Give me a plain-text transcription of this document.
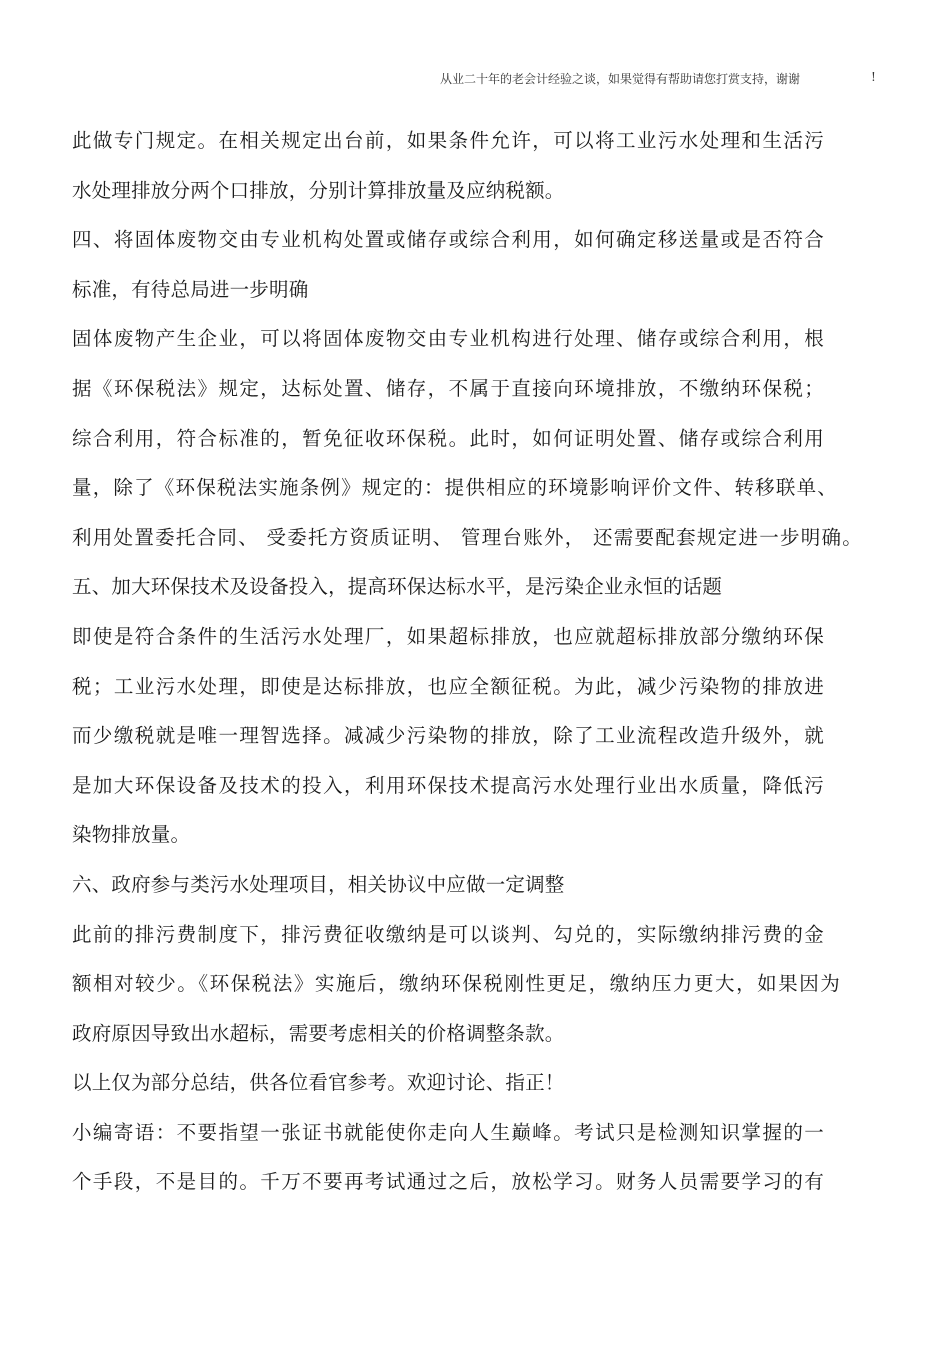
从业二十年的老会计经验之谈，如果觉得有帮助请您打赏支持，谢谢	!
此做专门规定。在相关规定出台前，如果条件允许，可以将工业污水处理和生活污
水处理排放分两个口排放，分别计算排放量及应纳税额。
四、将固体废物交由专业机构处置或储存或综合利用，如何确定移送量或是否符合
标准，有待总局进一步明确
固体废物产生企业，可以将固体废物交由专业机构进行处理、储存或综合利用，根
据《环保税法》规定，达标处置、储存，不属于直接向环境排放，不缴纳环保税；
综合利用，符合标准的，暂免征收环保税。此时，如何证明处置、储存或综合利用
量，除了《环保税法实施条例》规定的：提供相应的环境影响评价文件、转移联单、
利用处置委托合同、 受委托方资质证明、 管理台账外， 还需要配套规定进一步明确。
五、加大环保技术及设备投入，提高环保达标水平，是污染企业永恒的话题
即使是符合条件的生活污水处理厂，如果超标排放，也应就超标排放部分缴纳环保
税；工业污水处理，即使是达标排放，也应全额征税。为此，减少污染物的排放进
而少缴税就是唯一理智选择。减减少污染物的排放，除了工业流程改造升级外，就
是加大环保设备及技术的投入，利用环保技术提高污水处理行业出水质量，降低污
染物排放量。
六、政府参与类污水处理项目，相关协议中应做一定调整
此前的排污费制度下，排污费征收缴纳是可以谈判、勾兑的，实际缴纳排污费的金
额相对较少。《环保税法》实施后，缴纳环保税刚性更足，缴纳压力更大，如果因为
政府原因导致出水超标，需要考虑相关的价格调整条款。
以上仅为部分总结，供各位看官参考。欢迎讨论、指正！
小编寄语：不要指望一张证书就能使你走向人生巅峰。考试只是检测知识掌握的一
个手段，不是目的。千万不要再考试通过之后，放松学习。财务人员需要学习的有
